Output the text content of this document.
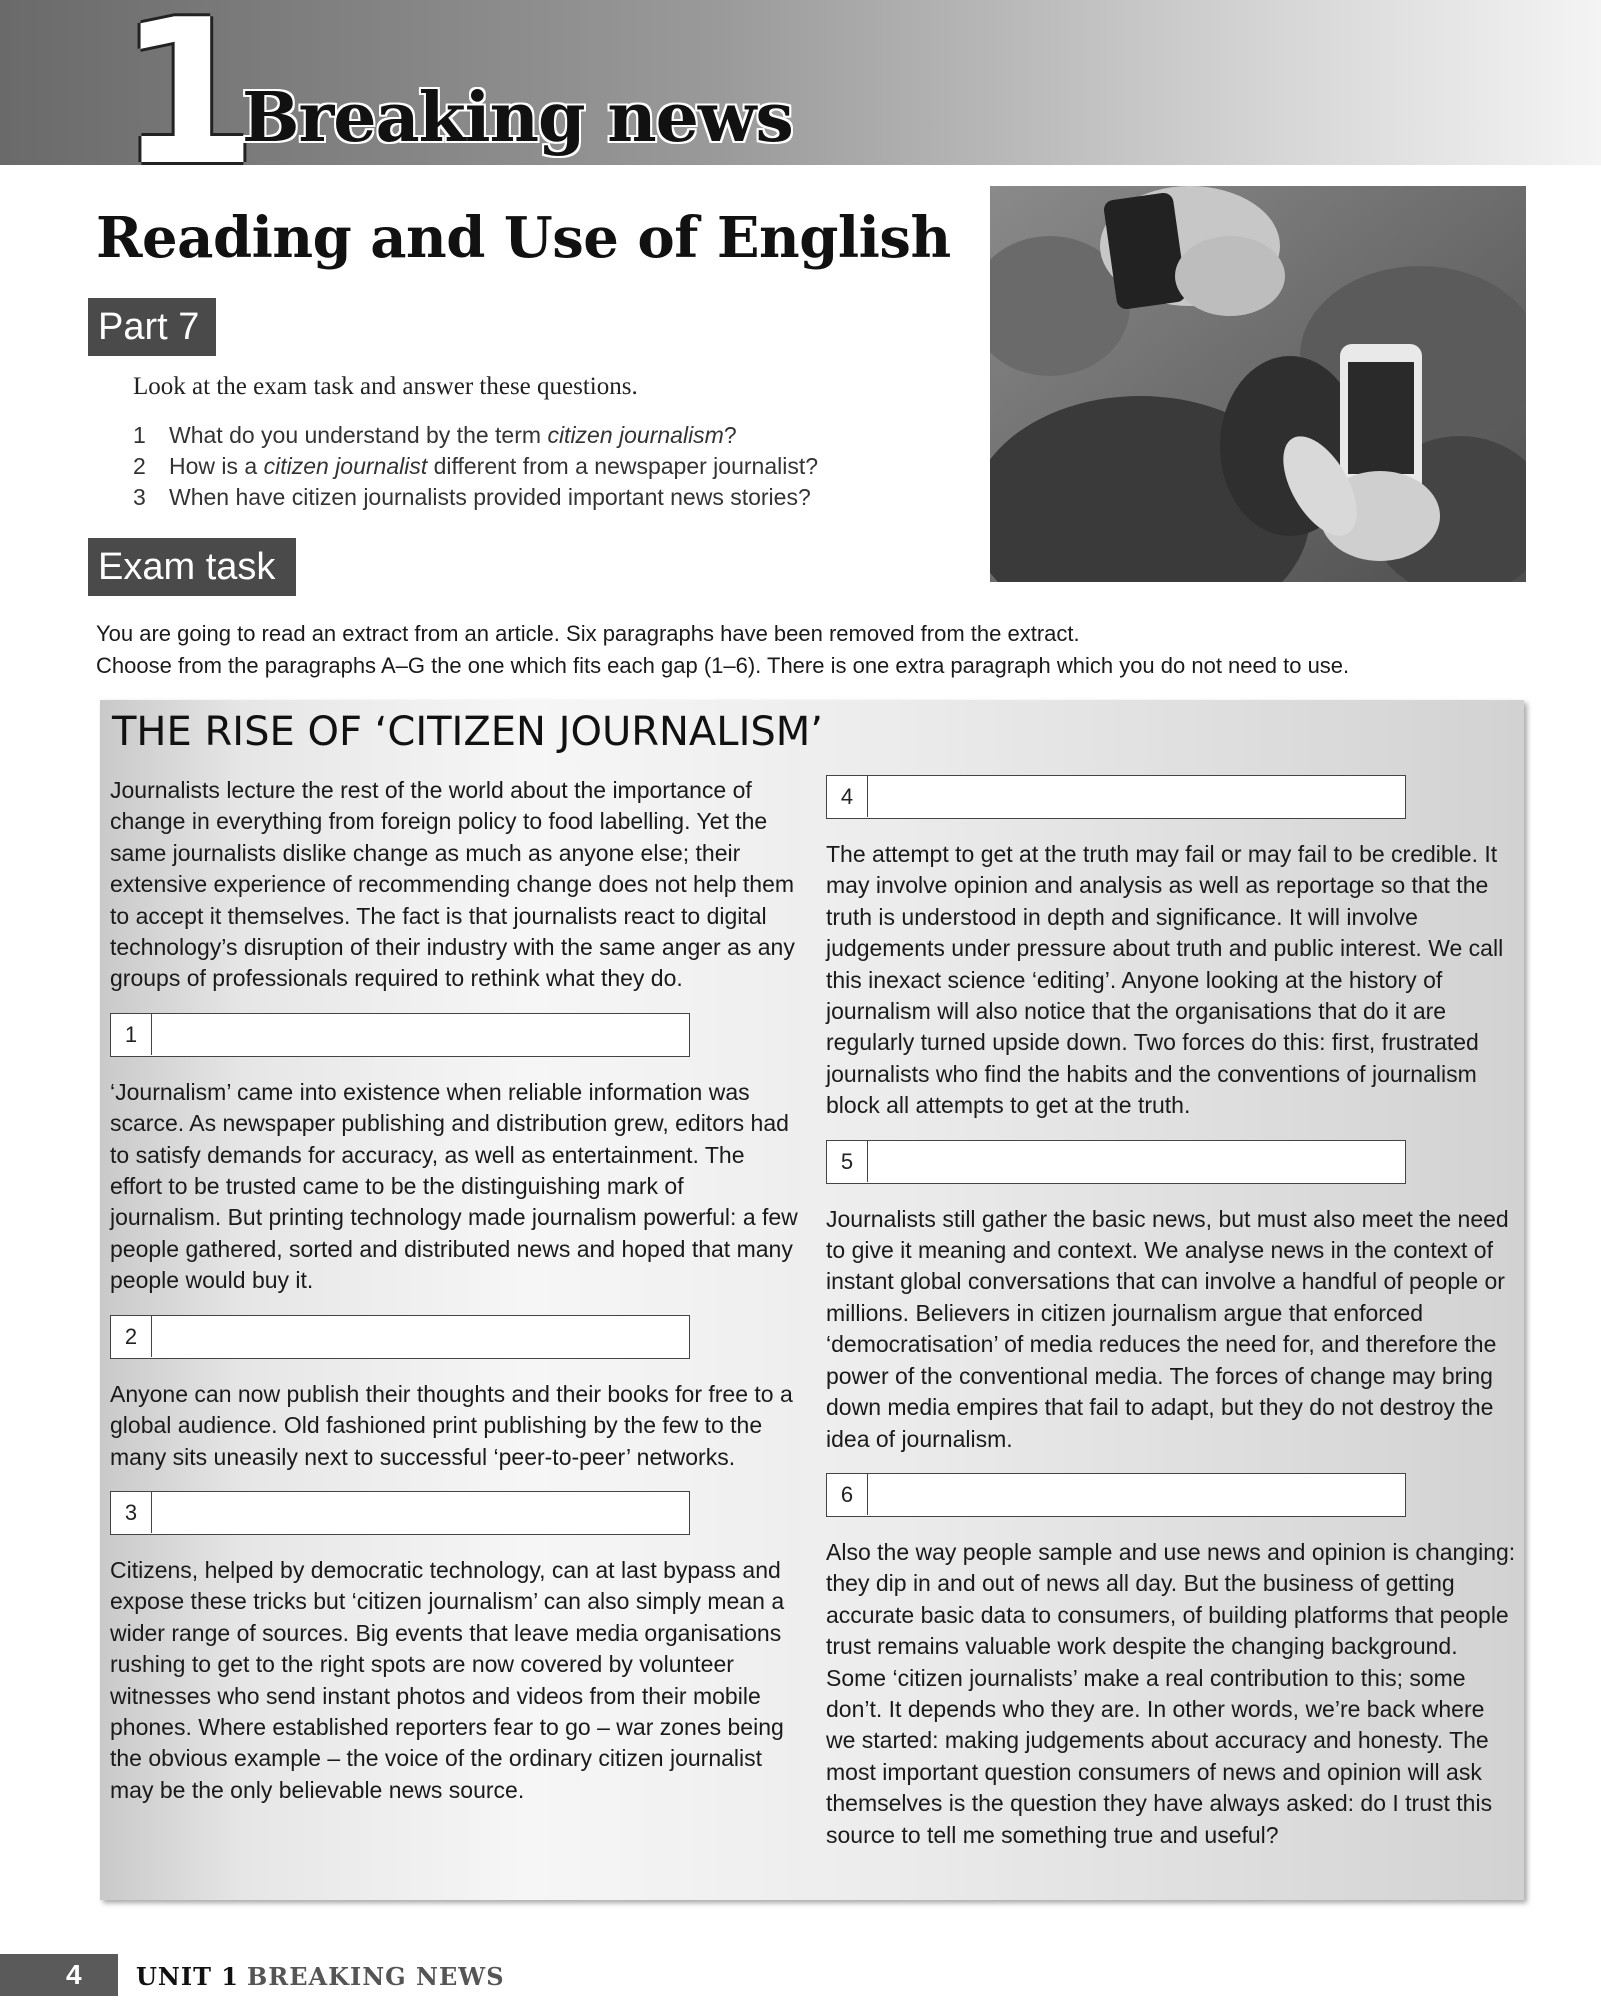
1
Breaking news
Reading and Use of English
Part 7
Look at the exam task and answer these questions.
1 What do you understand by the term citizen journalism?
2 How is a citizen journalist different from a newspaper journalist?
3 When have citizen journalists provided important news stories?
Exam task

You are going to read an extract from an article. Six paragraphs have been removed from the extract.

Choose from the paragraphs A–G the one which fits each gap (1–6). There is one extra paragraph which you do not need to use.

THE RISE OF ‘CITIZEN JOURNALISM’

Journalists lecture the rest of the world about the importance of change in everything from foreign policy to food labelling. Yet the same journalists dislike change as much as anyone else; their extensive experience of recommending change does not help them to accept it themselves. The fact is that journalists react to digital technology’s disruption of their industry with the same anger as any groups of professionals required to rethink what they do.

1

‘Journalism’ came into existence when reliable information was scarce. As newspaper publishing and distribution grew, editors had to satisfy demands for accuracy, as well as entertainment. The effort to be trusted came to be the distinguishing mark of journalism. But printing technology made journalism powerful: a few people gathered, sorted and distributed news and hoped that many people would buy it.

2

Anyone can now publish their thoughts and their books for free to a global audience. Old fashioned print publishing by the few to the many sits uneasily next to successful ‘peer-to-peer’ networks.

3

Citizens, helped by democratic technology, can at last bypass and expose these tricks but ‘citizen journalism’ can also simply mean a wider range of sources. Big events that leave media organisations rushing to get to the right spots are now covered by volunteer witnesses who send instant photos and videos from their mobile phones. Where established reporters fear to go – war zones being the obvious example – the voice of the ordinary citizen journalist may be the only believable news source.

4

The attempt to get at the truth may fail or may fail to be credible. It may involve opinion and analysis as well as reportage so that the truth is understood in depth and significance. It will involve judgements under pressure about truth and public interest. We call this inexact science ‘editing’. Anyone looking at the history of journalism will also notice that the organisations that do it are regularly turned upside down. Two forces do this: first, frustrated journalists who find the habits and the conventions of journalism block all attempts to get at the truth.

5

Journalists still gather the basic news, but must also meet the need to give it meaning and context. We analyse news in the context of instant global conversations that can involve a handful of people or millions. Believers in citizen journalism argue that enforced ‘democratisation’ of media reduces the need for, and therefore the power of the conventional media. The forces of change may bring down media empires that fail to adapt, but they do not destroy the idea of journalism.

6

Also the way people sample and use news and opinion is changing: they dip in and out of news all day. But the business of getting accurate basic data to consumers, of building platforms that people trust remains valuable work despite the changing background. Some ‘citizen journalists’ make a real contribution to this; some don’t. It depends who they are. In other words, we’re back where we started: making judgements about accuracy and honesty. The most important question consumers of news and opinion will ask themselves is the question they have always asked: do I trust this source to tell me something true and useful?

4 UNIT 1 BREAKING NEWS
